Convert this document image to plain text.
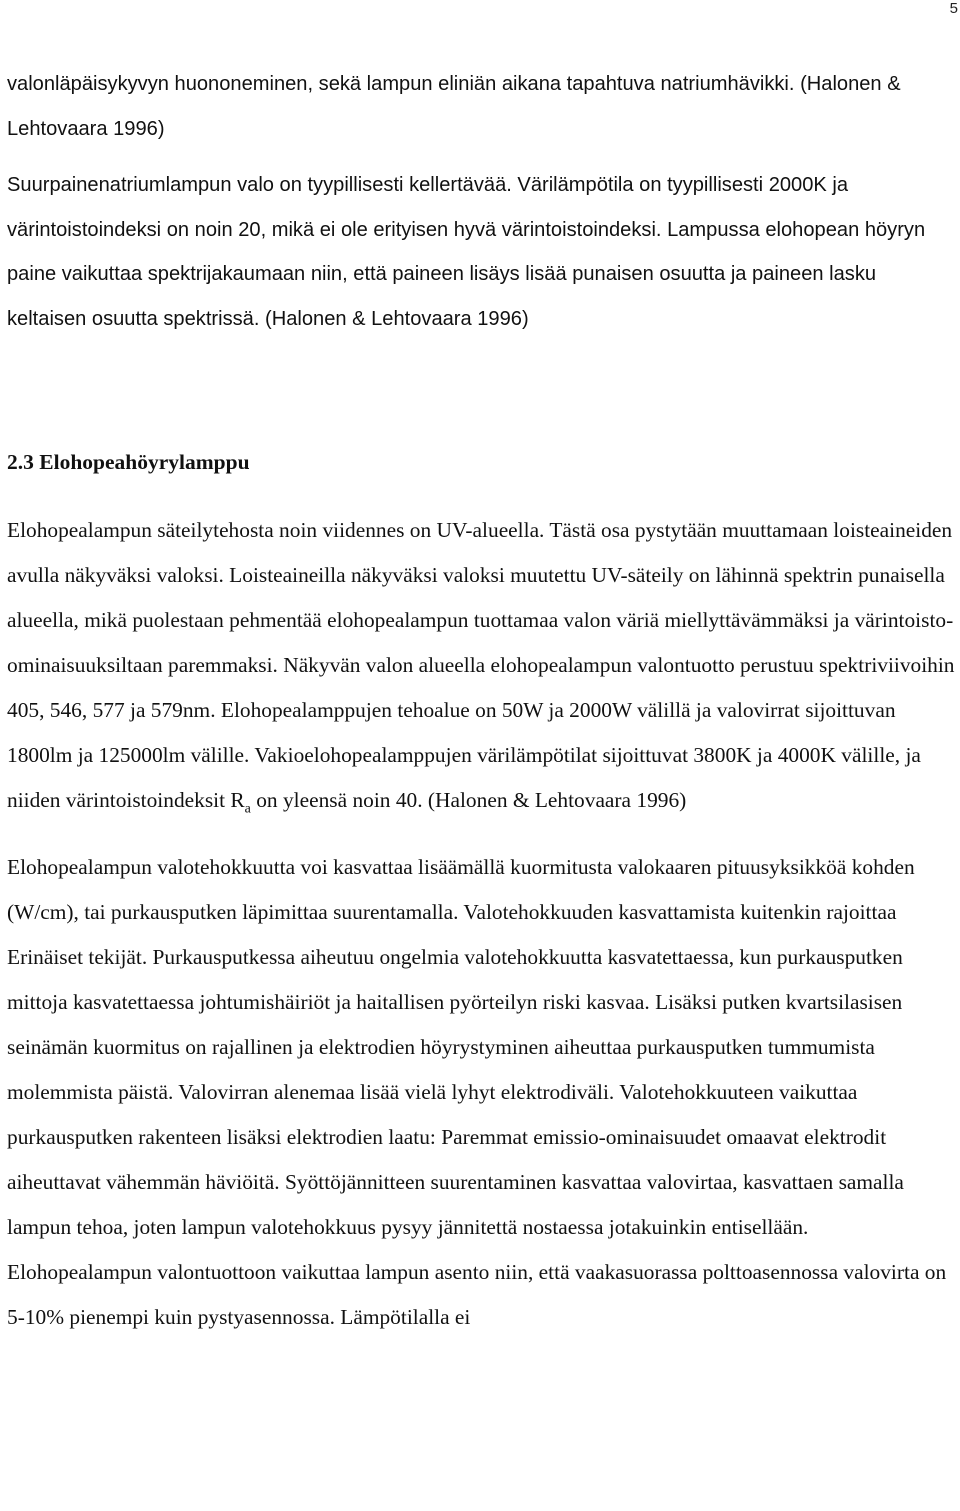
5

valonläpäisykyvyn huononeminen, sekä lampun eliniän aikana tapahtuva natriumhävikki. (Halonen & Lehtovaara 1996)

Suurpainenatriumlampun valo on tyypillisesti kellertävää. Värilämpötila on tyypillisesti 2000K ja värintoistoindeksi on noin 20, mikä ei ole erityisen hyvä värintoistoindeksi. Lampussa elohopean höyryn paine vaikuttaa spektrijakaumaan niin, että paineen lisäys lisää punaisen osuutta ja paineen lasku keltaisen osuutta spektrissä. (Halonen & Lehtovaara 1996)

2.3 Elohopeahöyrylamppu

Elohopealampun säteilytehosta noin viidennes on UV-alueella. Tästä osa pystytään muuttamaan loisteaineiden avulla näkyväksi valoksi. Loisteaineilla näkyväksi valoksi muutettu UV-säteily on lähinnä spektrin punaisella alueella, mikä puolestaan pehmentää elohopealampun tuottamaa valon väriä miellyttävämmäksi ja värintoisto-ominaisuuksiltaan paremmaksi. Näkyvän valon alueella elohopealampun valontuotto perustuu spektriviivoihin 405, 546, 577 ja 579nm. Elohopealamppujen tehoalue on 50W ja 2000W välillä ja valovirrat sijoittuvan 1800lm ja 125000lm välille. Vakioelohopealamppujen värilämpötilat sijoittuvat 3800K ja 4000K välille, ja niiden värintoistoindeksit $R_a$ on yleensä noin 40. (Halonen & Lehtovaara 1996)

Elohopealampun valotehokkuutta voi kasvattaa lisäämällä kuormitusta valokaaren pituusyksikköä kohden (W/cm), tai purkausputken läpimittaa suurentamalla. Valotehokkuuden kasvattamista kuitenkin rajoittaa Erinäiset tekijät. Purkausputkessa aiheutuu ongelmia valotehokkuutta kasvatettaessa, kun purkausputken mittoja kasvatettaessa johtumishäiriöt ja haitallisen pyörteilyn riski kasvaa. Lisäksi putken kvartsilasisen seinämän kuormitus on rajallinen ja elektrodien höyrystyminen aiheuttaa purkausputken tummumista molemmista päistä. Valovirran alenemaa lisää vielä lyhyt elektrodiväli. Valotehokkuuteen vaikuttaa purkausputken rakenteen lisäksi elektrodien laatu: Paremmat emissio-ominaisuudet omaavat elektrodit aiheuttavat vähemmän häviöitä. Syöttöjännitteen suurentaminen kasvattaa valovirtaa, kasvattaen samalla lampun tehoa, joten lampun valotehokkuus pysyy jännitettä nostaessa jotakuinkin entisellään. Elohopealampun valontuottoon vaikuttaa lampun asento niin, että vaakasuorassa polttoasennossa valovirta on 5-10% pienempi kuin pystyasennossa. Lämpötilalla ei
